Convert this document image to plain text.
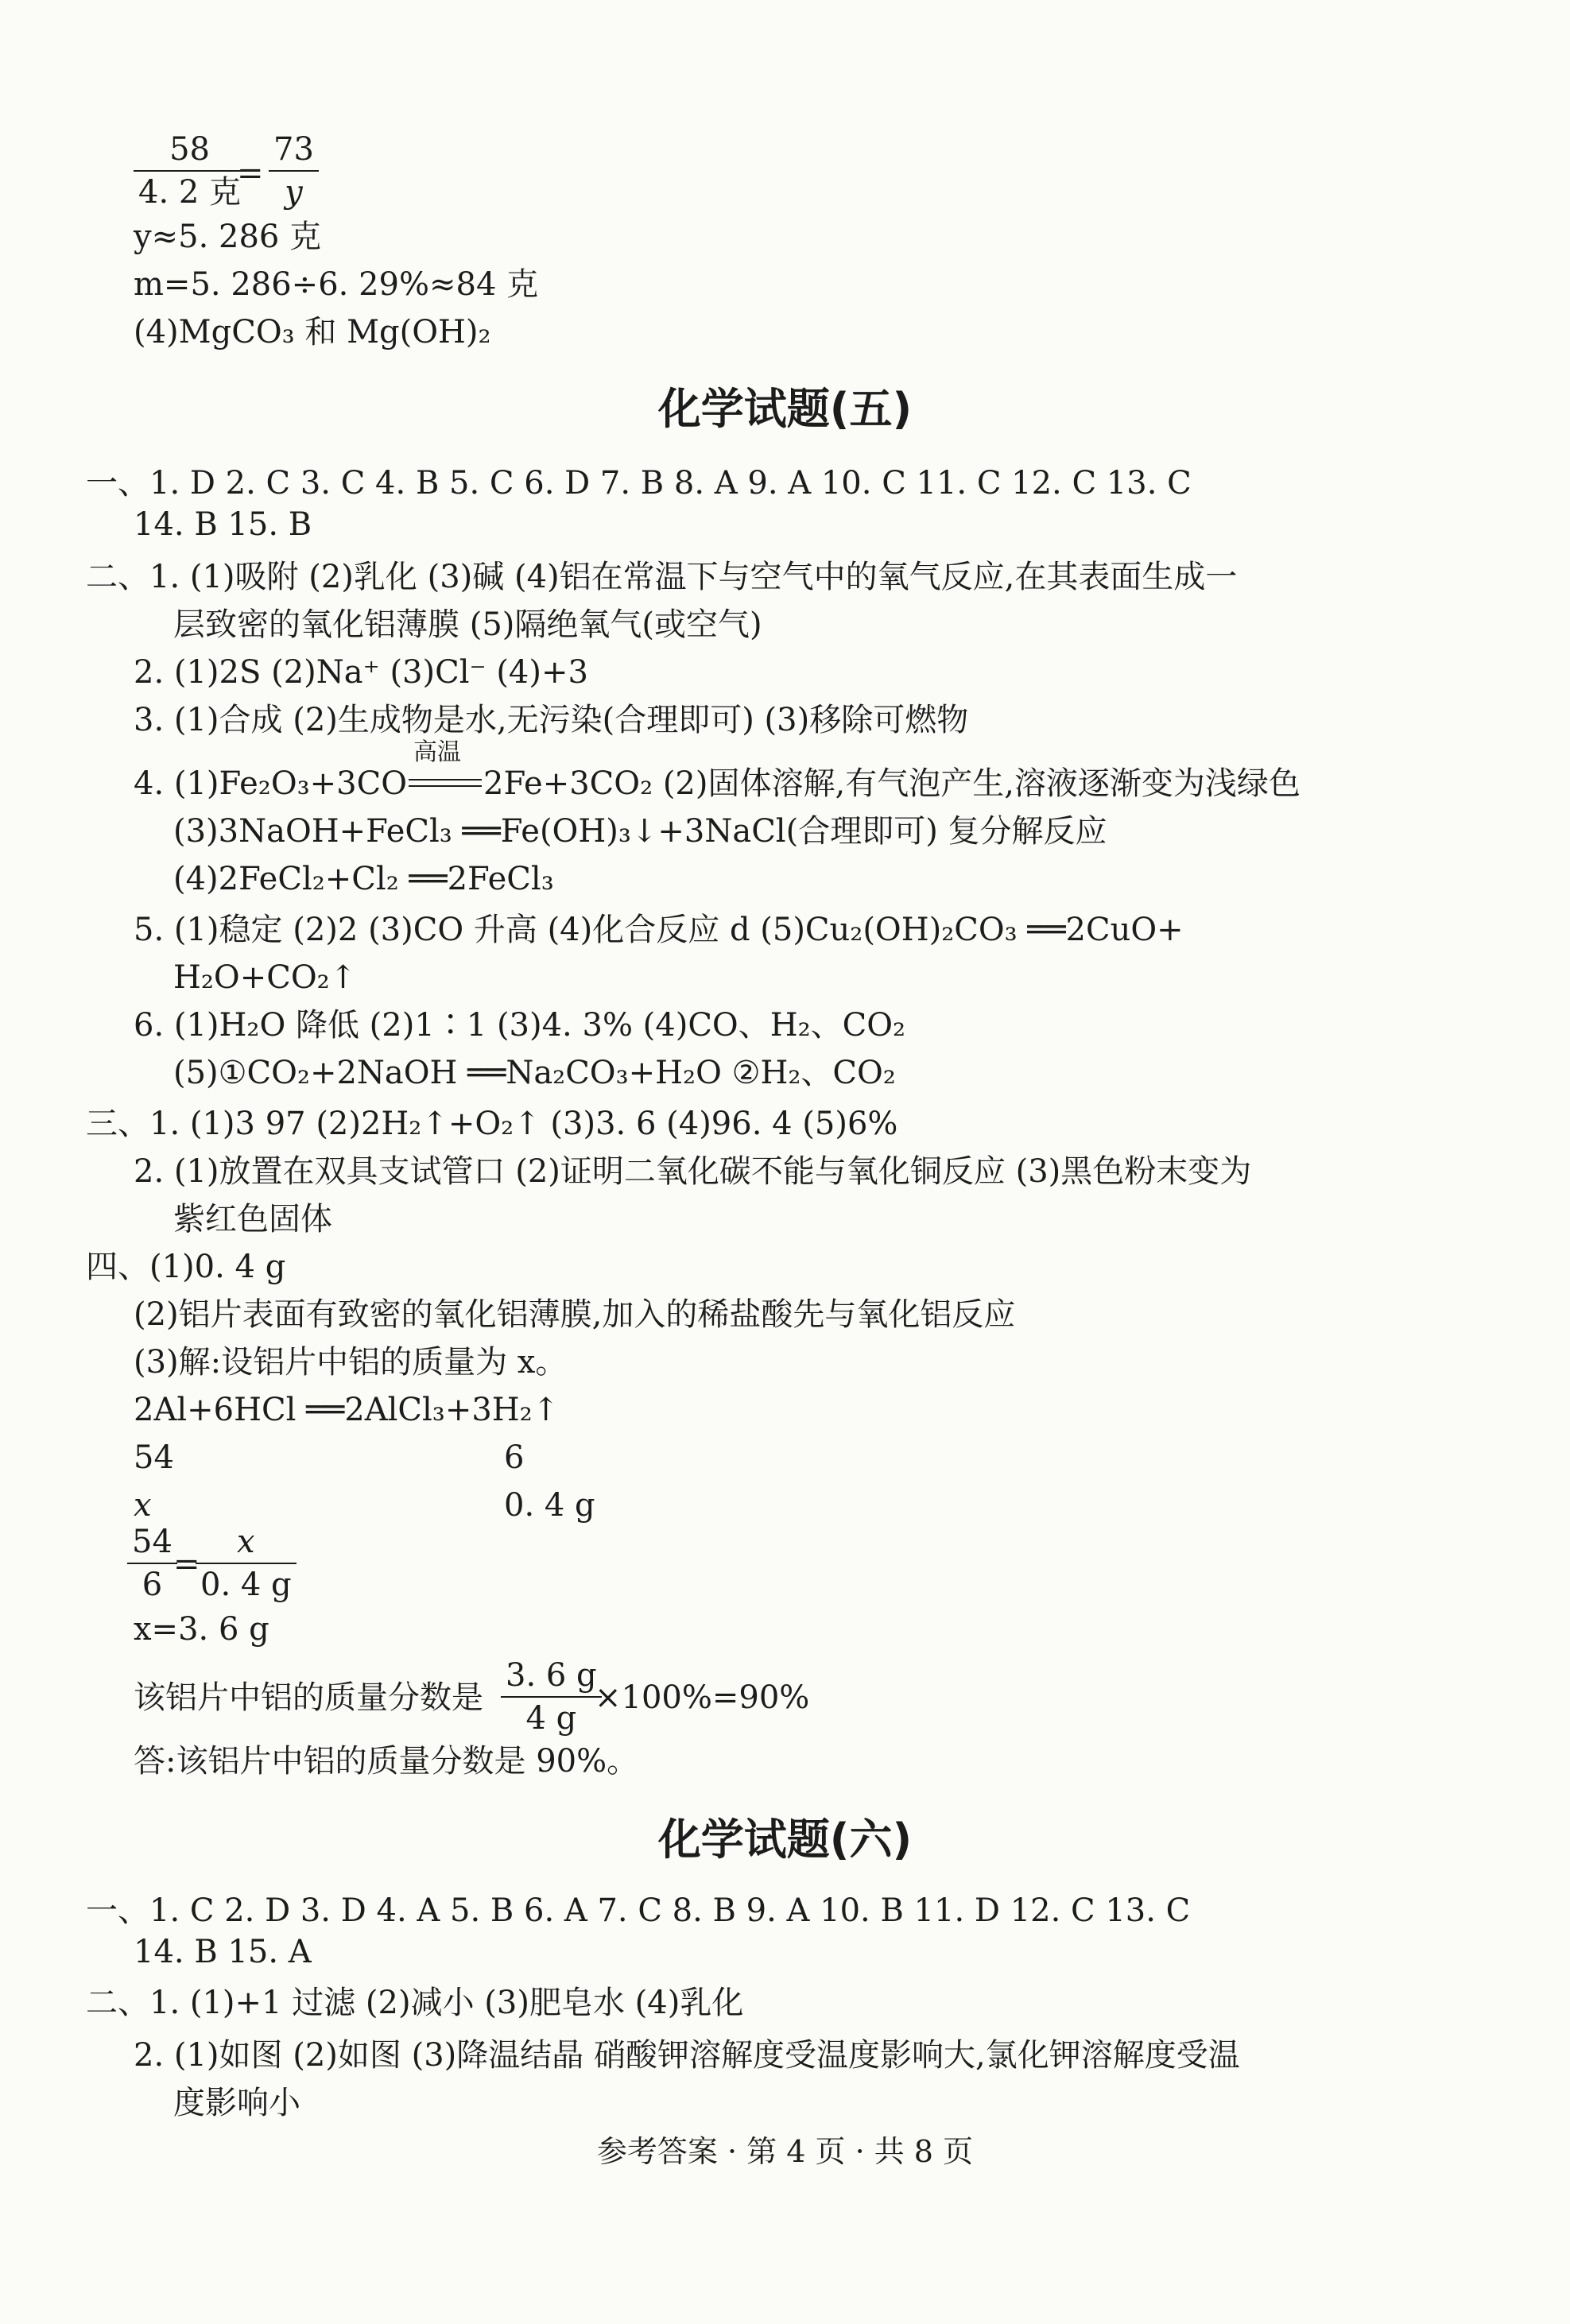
58
4. 2 克
= $\frac{73}{y}$
y≈5. 286 克
m=5. 286÷6. 29%≈84 克
(4)MgCO₃ 和 Mg(OH)₂
化学试题(五)
一、1. D 2. C 3. C 4. B 5. C 6. D 7. B 8. A 9. A 10. C 11. C 12. C 13. C
14. B 15. B
二、1. (1)吸附 (2)乳化 (3)碱 (4)铝在常温下与空气中的氧气反应,在其表面生成一
层致密的氧化铝薄膜 (5)隔绝氧气(或空气)
2. (1)2S (2)Na⁺ (3)Cl⁻ (4)+3
3. (1)合成 (2)生成物是水,无污染(合理即可) (3)移除可燃物
4. (1)Fe₂O₃+3CO
高温
2Fe+3CO₂ (2)固体溶解,有气泡产生,溶液逐渐变为浅绿色
(3)3NaOH+FeCl₃ ══Fe(OH)₃↓+3NaCl(合理即可) 复分解反应
(4)2FeCl₂+Cl₂ ══2FeCl₃
5. (1)稳定 (2)2 (3)CO 升高 (4)化合反应 d (5)Cu₂(OH)₂CO₃ ══2CuO+
H₂O+CO₂↑
6. (1)H₂O 降低 (2)1∶1 (3)4. 3% (4)CO、H₂、CO₂
(5)①CO₂+2NaOH ══Na₂CO₃+H₂O ②H₂、CO₂
三、1. (1)3 97 (2)2H₂↑+O₂↑ (3)3. 6 (4)96. 4 (5)6%
2. (1)放置在双具支试管口 (2)证明二氧化碳不能与氧化铜反应 (3)黑色粉末变为
紫红色固体
四、(1)0. 4 g
(2)铝片表面有致密的氧化铝薄膜,加入的稀盐酸先与氧化铝反应
(3)解:设铝片中铝的质量为 x。
2Al+6HCl ══2AlCl₃+3H₂↑
54	6
x	0. 4 g
$\frac{54}{6}$
=
$\frac{x}{0. 4 g}$
x=3. 6 g
该铝片中铝的质量分数是 $\frac{3. 6 g}{4 g}$
×100%=90%
答:该铝片中铝的质量分数是 90%。
化学试题(六)
一、1. C 2. D 3. D 4. A 5. B 6. A 7. C 8. B 9. A 10. B 11. D 12. C 13. C
14. B 15. A
二、1. (1)+1 过滤 (2)减小 (3)肥皂水 (4)乳化
2. (1)如图 (2)如图 (3)降温结晶 硝酸钾溶解度受温度影响大,氯化钾溶解度受温
度影响小
参考答案 · 第 4 页 · 共 8 页
